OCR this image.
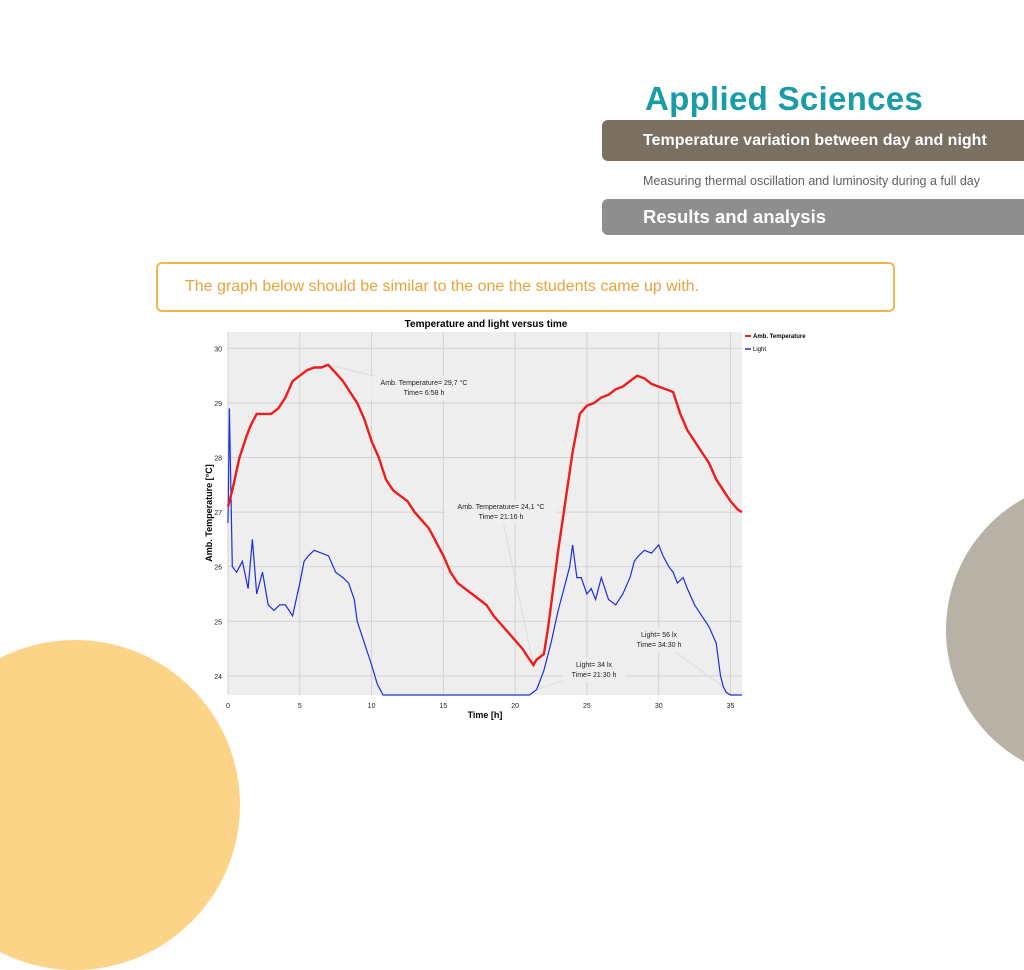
Applied Sciences
Temperature variation between day and night
Measuring thermal oscillation and luminosity during a full day
Results and analysis
The graph below should be similar to the one the students came up with.
24
25
26
27
28
29
30
0	5	10	15	20	25	30	35
Amb. Temperature= 29,7 °C
Time= 6:58 h
Amb. Temperature= 24,1 °C
Time= 21:16 h
Light= 56 lx
Time= 34:30 h
Light= 34 lx
Time= 21:30 h
Temperature and light versus time
Time [h]
Amb. Temperature [°C]
Amb. Temperature
Light
